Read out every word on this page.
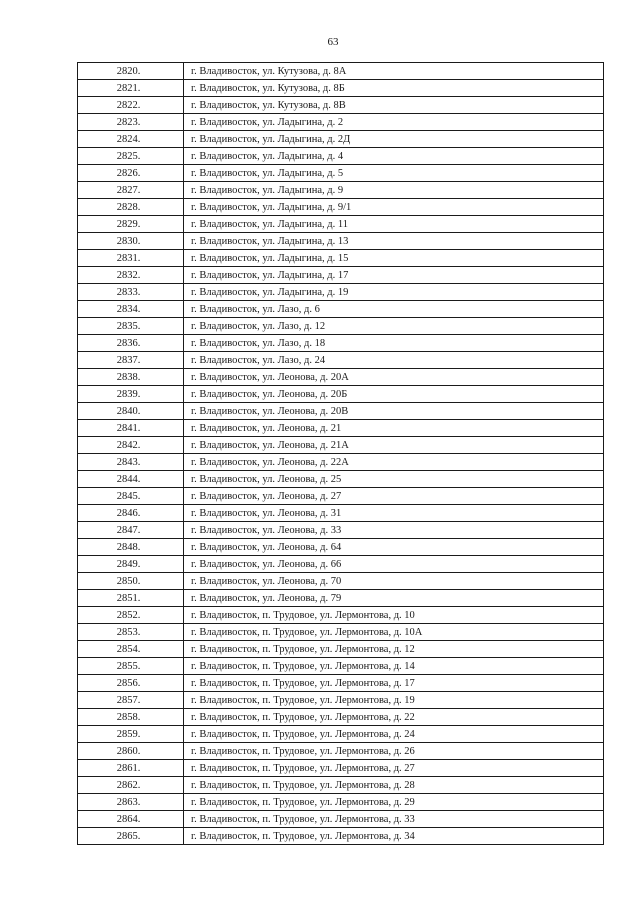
63
2820.	г. Владивосток, ул. Кутузова, д. 8А
2821.	г. Владивосток, ул. Кутузова, д. 8Б
2822.	г. Владивосток, ул. Кутузова, д. 8В
2823.	г. Владивосток, ул. Ладыгина, д. 2
2824.	г. Владивосток, ул. Ладыгина, д. 2Д
2825.	г. Владивосток, ул. Ладыгина, д. 4
2826.	г. Владивосток, ул. Ладыгина, д. 5
2827.	г. Владивосток, ул. Ладыгина, д. 9
2828.	г. Владивосток, ул. Ладыгина, д. 9/1
2829.	г. Владивосток, ул. Ладыгина, д. 11
2830.	г. Владивосток, ул. Ладыгина, д. 13
2831.	г. Владивосток, ул. Ладыгина, д. 15
2832.	г. Владивосток, ул. Ладыгина, д. 17
2833.	г. Владивосток, ул. Ладыгина, д. 19
2834.	г. Владивосток, ул. Лазо, д. 6
2835.	г. Владивосток, ул. Лазо, д. 12
2836.	г. Владивосток, ул. Лазо, д. 18
2837.	г. Владивосток, ул. Лазо, д. 24
2838.	г. Владивосток, ул. Леонова, д. 20А
2839.	г. Владивосток, ул. Леонова, д. 20Б
2840.	г. Владивосток, ул. Леонова, д. 20В
2841.	г. Владивосток, ул. Леонова, д. 21
2842.	г. Владивосток, ул. Леонова, д. 21А
2843.	г. Владивосток, ул. Леонова, д. 22А
2844.	г. Владивосток, ул. Леонова, д. 25
2845.	г. Владивосток, ул. Леонова, д. 27
2846.	г. Владивосток, ул. Леонова, д. 31
2847.	г. Владивосток, ул. Леонова, д. 33
2848.	г. Владивосток, ул. Леонова, д. 64
2849.	г. Владивосток, ул. Леонова, д. 66
2850.	г. Владивосток, ул. Леонова, д. 70
2851.	г. Владивосток, ул. Леонова, д. 79
2852.	г. Владивосток, п. Трудовое, ул. Лермонтова, д. 10
2853.	г. Владивосток, п. Трудовое, ул. Лермонтова, д. 10А
2854.	г. Владивосток, п. Трудовое, ул. Лермонтова, д. 12
2855.	г. Владивосток, п. Трудовое, ул. Лермонтова, д. 14
2856.	г. Владивосток, п. Трудовое, ул. Лермонтова, д. 17
2857.	г. Владивосток, п. Трудовое, ул. Лермонтова, д. 19
2858.	г. Владивосток, п. Трудовое, ул. Лермонтова, д. 22
2859.	г. Владивосток, п. Трудовое, ул. Лермонтова, д. 24
2860.	г. Владивосток, п. Трудовое, ул. Лермонтова, д. 26
2861.	г. Владивосток, п. Трудовое, ул. Лермонтова, д. 27
2862.	г. Владивосток, п. Трудовое, ул. Лермонтова, д. 28
2863.	г. Владивосток, п. Трудовое, ул. Лермонтова, д. 29
2864.	г. Владивосток, п. Трудовое, ул. Лермонтова, д. 33
2865.	г. Владивосток, п. Трудовое, ул. Лермонтова, д. 34
